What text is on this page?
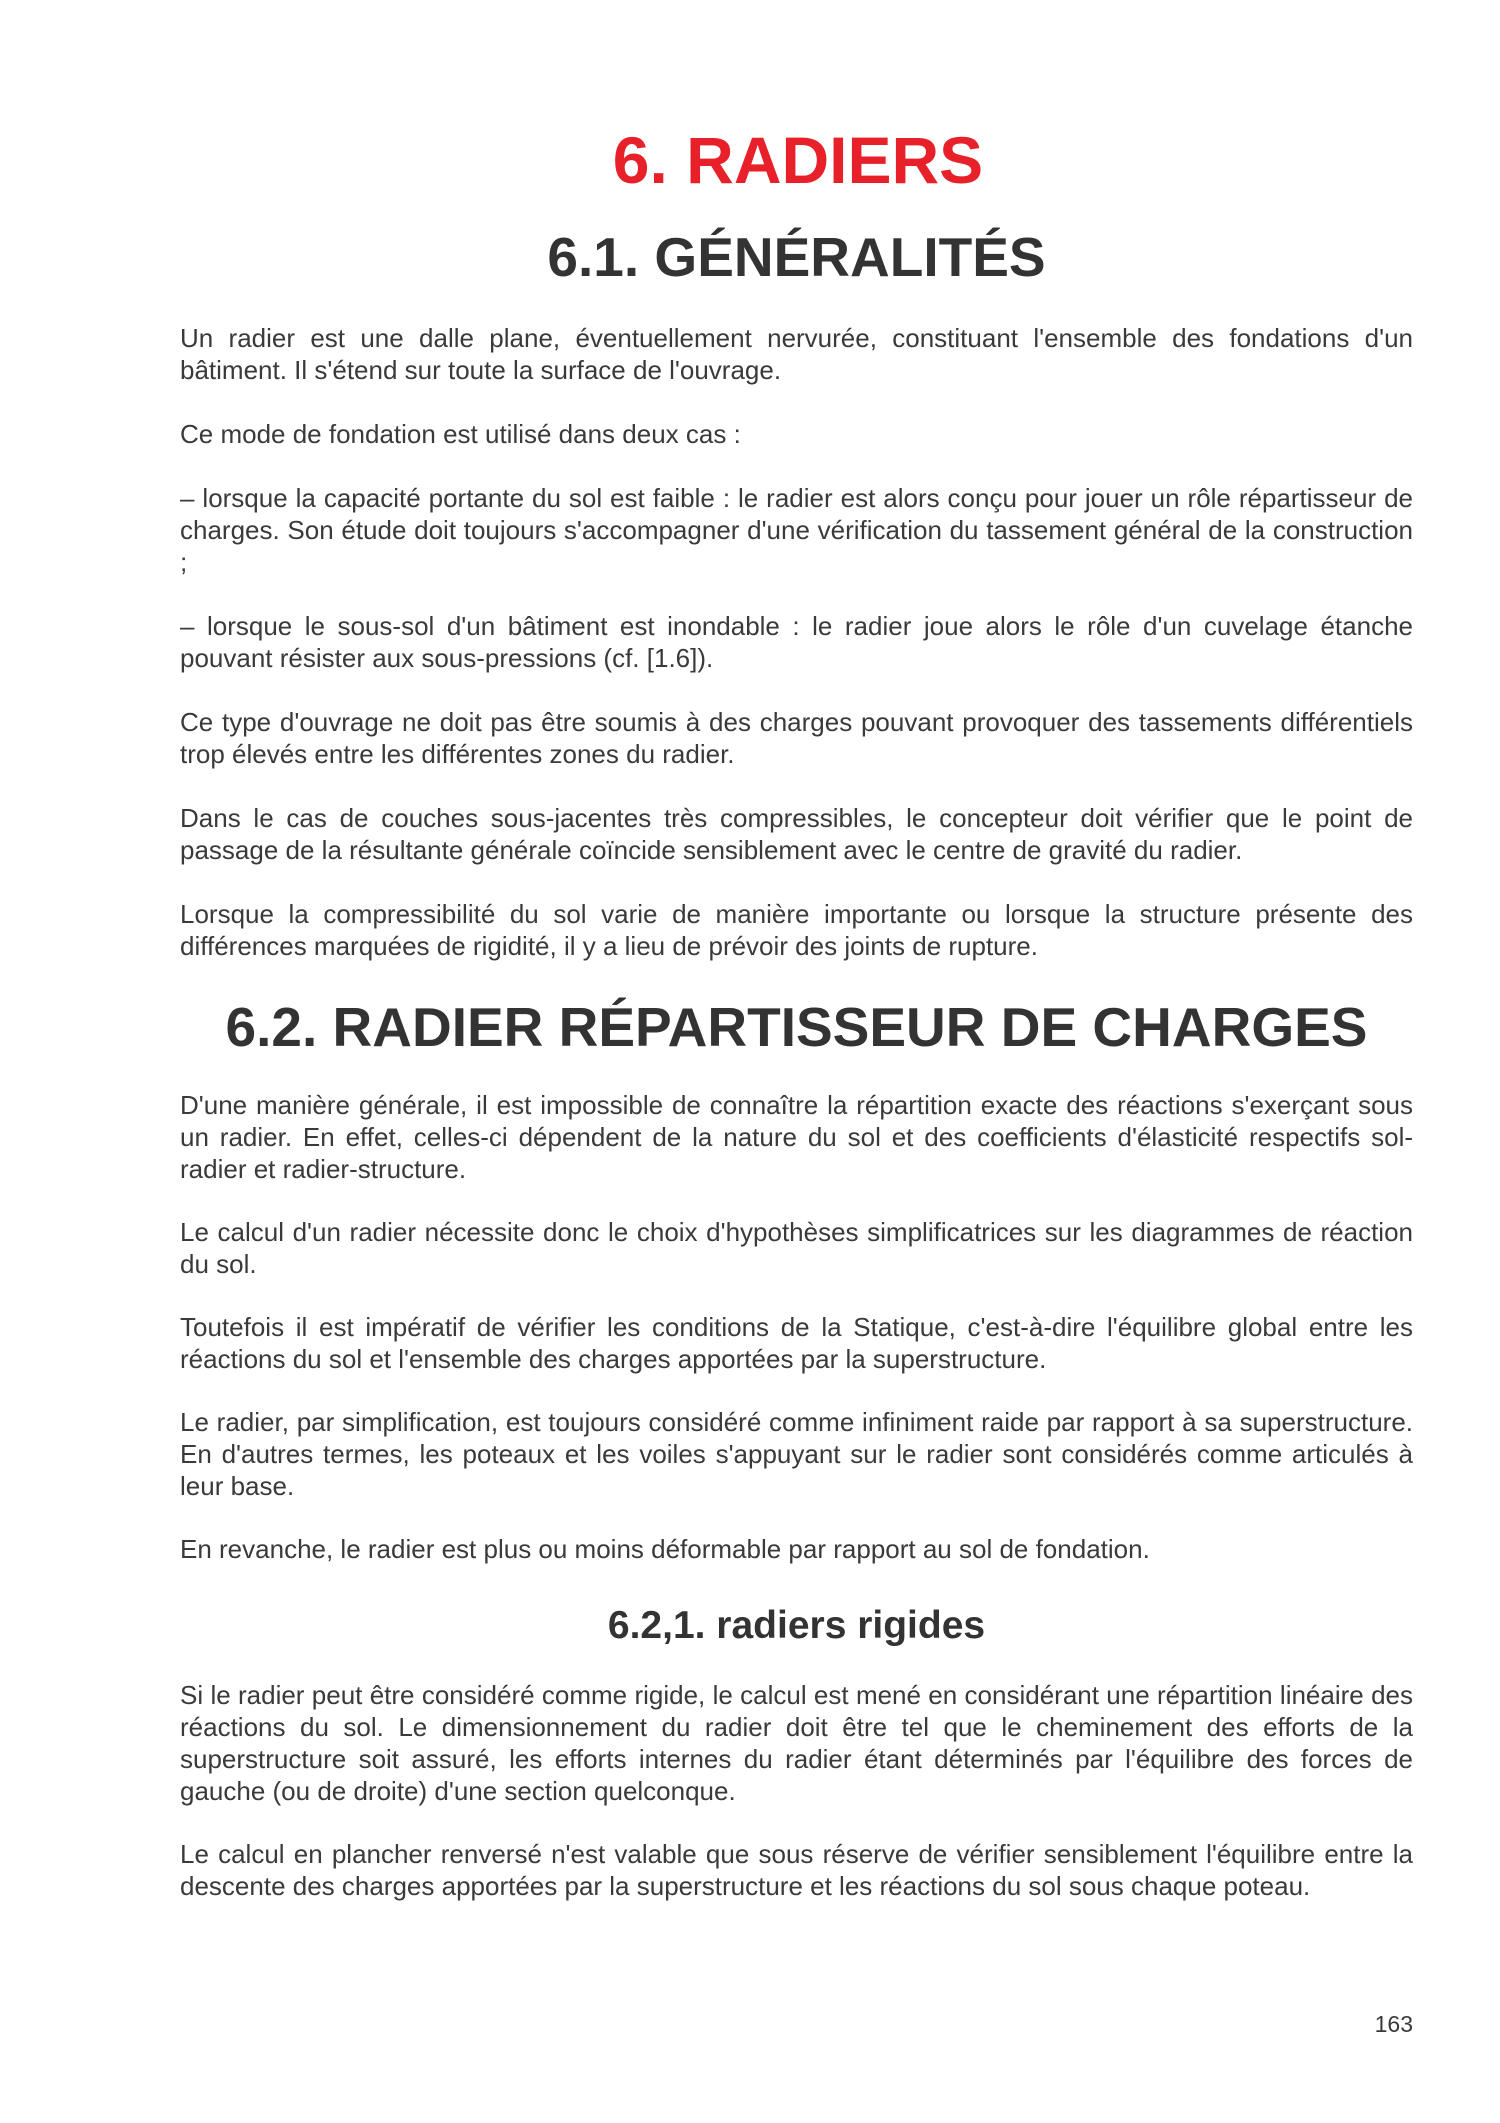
6. RADIERS
6.1. GÉNÉRALITÉS

Un radier est une dalle plane, éventuellement nervurée, constituant l'ensemble des fondations d'un bâtiment. Il s'étend sur toute la surface de l'ouvrage.

Ce mode de fondation est utilisé dans deux cas :

– lorsque la capacité portante du sol est faible : le radier est alors conçu pour jouer un rôle répartisseur de charges. Son étude doit toujours s'accompagner d'une vérification du tassement général de la construction ;

– lorsque le sous-sol d'un bâtiment est inondable : le radier joue alors le rôle d'un cuvelage étanche pouvant résister aux sous-pressions (cf. [1.6]).

Ce type d'ouvrage ne doit pas être soumis à des charges pouvant provoquer des tassements différentiels trop élevés entre les différentes zones du radier.

Dans le cas de couches sous-jacentes très compressibles, le concepteur doit vérifier que le point de passage de la résultante générale coïncide sensiblement avec le centre de gravité du radier.

Lorsque la compressibilité du sol varie de manière importante ou lorsque la structure présente des différences marquées de rigidité, il y a lieu de prévoir des joints de rupture.

6.2. RADIER RÉPARTISSEUR DE CHARGES

D'une manière générale, il est impossible de connaître la répartition exacte des réactions s'exerçant sous un radier. En effet, celles-ci dépendent de la nature du sol et des coefficients d'élasticité respectifs sol-radier et radier-structure.

Le calcul d'un radier nécessite donc le choix d'hypothèses simplificatrices sur les diagrammes de réaction du sol.

Toutefois il est impératif de vérifier les conditions de la Statique, c'est-à-dire l'équilibre global entre les réactions du sol et l'ensemble des charges apportées par la superstructure.

Le radier, par simplification, est toujours considéré comme infiniment raide par rapport à sa superstructure. En d'autres termes, les poteaux et les voiles s'appuyant sur le radier sont considérés comme articulés à leur base.

En revanche, le radier est plus ou moins déformable par rapport au sol de fondation.

6.2,1. radiers rigides

Si le radier peut être considéré comme rigide, le calcul est mené en considérant une répartition linéaire des réactions du sol. Le dimensionnement du radier doit être tel que le cheminement des efforts de la superstructure soit assuré, les efforts internes du radier étant déterminés par l'équilibre des forces de gauche (ou de droite) d'une section quelconque.

Le calcul en plancher renversé n'est valable que sous réserve de vérifier sensiblement l'équilibre entre la descente des charges apportées par la superstructure et les réactions du sol sous chaque poteau.

163
